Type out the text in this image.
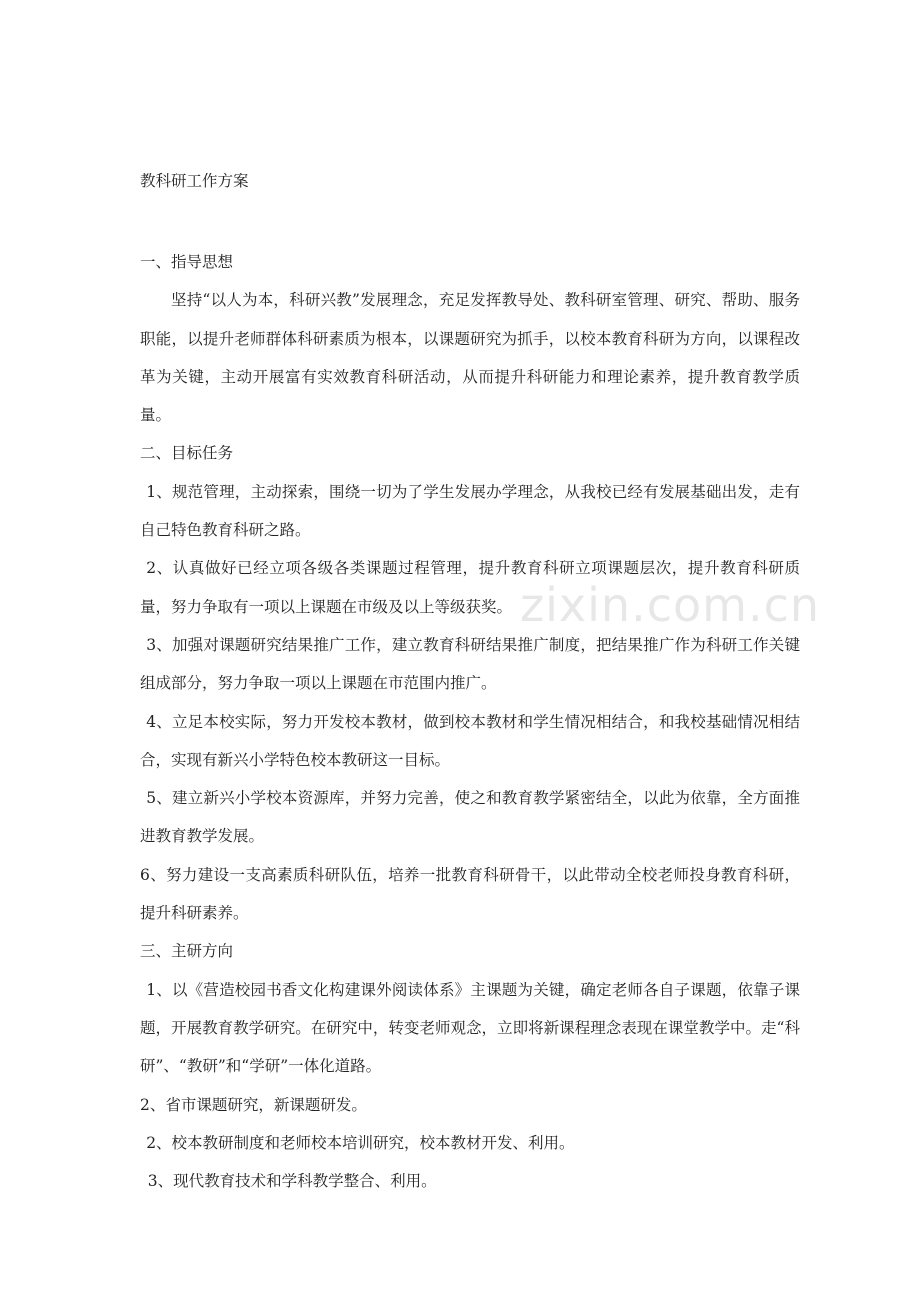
教科研工作方案

一、指导思想

坚持“以人为本，科研兴教”发展理念，充足发挥教导处、教科研室管理、研究、帮助、服务职能，以提升老师群体科研素质为根本，以课题研究为抓手，以校本教育科研为方向，以课程改革为关键，主动开展富有实效教育科研活动，从而提升科研能力和理论素养，提升教育教学质量。

二、目标任务

1、规范管理，主动探索，围绕一切为了学生发展办学理念，从我校已经有发展基础出发，走有自己特色教育科研之路。

2、认真做好已经立项各级各类课题过程管理，提升教育科研立项课题层次，提升教育科研质量，努力争取有一项以上课题在市级及以上等级获奖。

3、加强对课题研究结果推广工作，建立教育科研结果推广制度，把结果推广作为科研工作关键组成部分，努力争取一项以上课题在市范围内推广。

4、立足本校实际，努力开发校本教材，做到校本教材和学生情况相结合，和我校基础情况相结合，实现有新兴小学特色校本教研这一目标。

5、建立新兴小学校本资源库，并努力完善，使之和教育教学紧密结全，以此为依靠，全方面推进教育教学发展。

6、努力建设一支高素质科研队伍，培养一批教育科研骨干，以此带动全校老师投身教育科研，提升科研素养。

三、主研方向

1、以《营造校园书香文化构建课外阅读体系》主课题为关键，确定老师各自子课题，依靠子课题，开展教育教学研究。在研究中，转变老师观念，立即将新课程理念表现在课堂教学中。走“科研”、“教研”和“学研”一体化道路。

2、省市课题研究，新课题研发。

2、校本教研制度和老师校本培训研究，校本教材开发、利用。

3、现代教育技术和学科教学整合、利用。

zixin.com.cn
